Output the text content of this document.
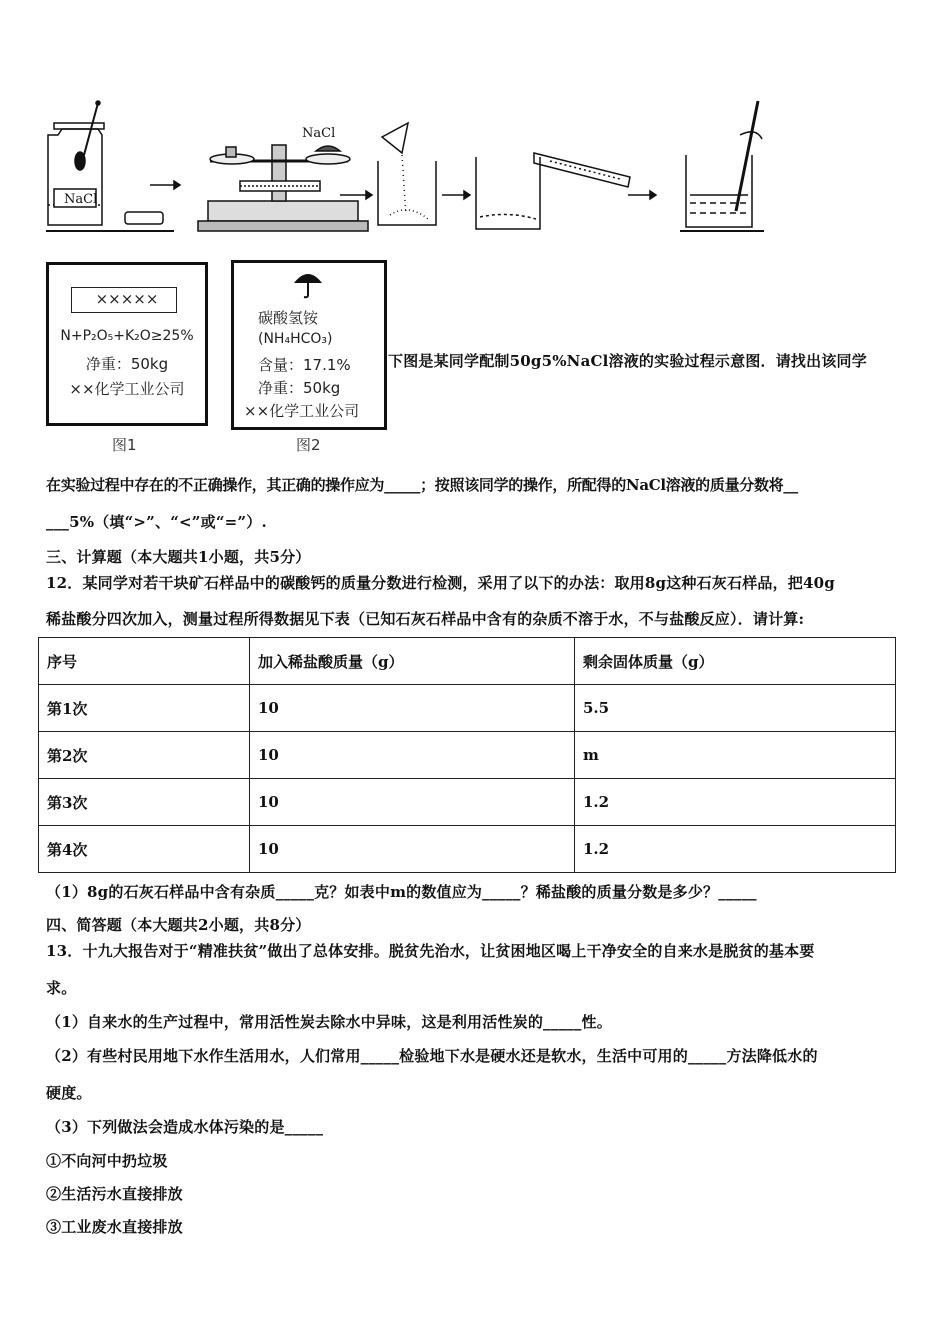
NaCl
NaCl
×××××
N+P₂O₅+K₂O≥25%
净重：50kg
××化学工业公司
图1
碳酸氢铵
(NH₄HCO₃)
含量：17.1%
净重：50kg
××化学工业公司
图2
下图是某同学配制50g5%NaCl溶液的实验过程示意图．请找出该同学
在实验过程中存在的不正确操作，其正确的操作应为_____；按照该同学的操作，所配得的NaCl溶液的质量分数将__
___5%（填“>”、“<”或“=”）.
三、计算题（本大题共1小题，共5分）
12．某同学对若干块矿石样品中的碳酸钙的质量分数进行检测，采用了以下的办法：取用8g这种石灰石样品，把40g
稀盐酸分四次加入，测量过程所得数据见下表（已知石灰石样品中含有的杂质不溶于水，不与盐酸反应）．请计算:
序号	加入稀盐酸质量（g）	剩余固体质量（g）
第1次	10	5.5
第2次	10	m
第3次	10	1.2
第4次	10	1.2
（1）8g的石灰石样品中含有杂质_____克？如表中m的数值应为_____？稀盐酸的质量分数是多少？_____
四、简答题（本大题共2小题，共8分）
13．十九大报告对于“精准扶贫”做出了总体安排。脱贫先治水，让贫困地区喝上干净安全的自来水是脱贫的基本要
求。
（1）自来水的生产过程中，常用活性炭去除水中异味，这是利用活性炭的_____性。
（2）有些村民用地下水作生活用水，人们常用_____检验地下水是硬水还是软水，生活中可用的_____方法降低水的
硬度。
（3）下列做法会造成水体污染的是_____
①不向河中扔垃圾
②生活污水直接排放
③工业废水直接排放
